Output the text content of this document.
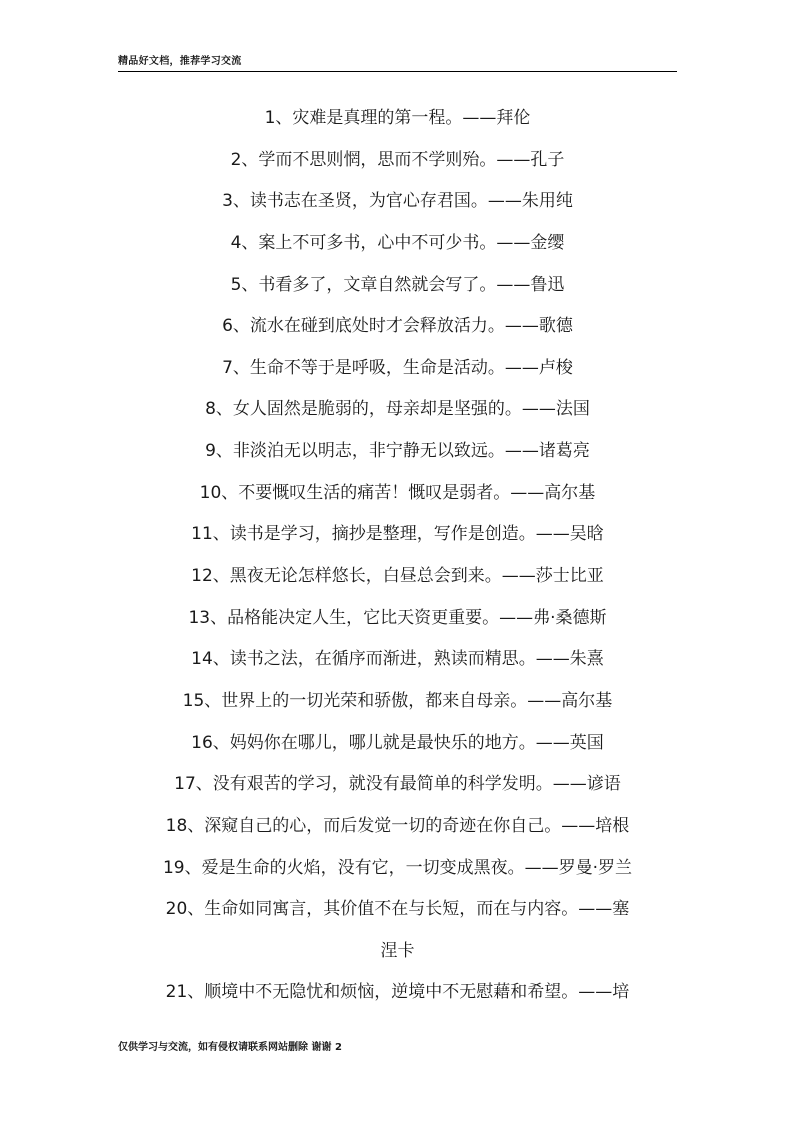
精品好文档，推荐学习交流
1、灾难是真理的第一程。——拜伦
2、学而不思则惘，思而不学则殆。——孔子
3、读书志在圣贤，为官心存君国。——朱用纯
4、案上不可多书，心中不可少书。——金缨
5、书看多了，文章自然就会写了。——鲁迅
6、流水在碰到底处时才会释放活力。——歌德
7、生命不等于是呼吸，生命是活动。——卢梭
8、女人固然是脆弱的，母亲却是坚强的。——法国
9、非淡泊无以明志，非宁静无以致远。——诸葛亮
10、不要慨叹生活的痛苦！慨叹是弱者。——高尔基
11、读书是学习，摘抄是整理，写作是创造。——吴晗
12、黑夜无论怎样悠长，白昼总会到来。——莎士比亚
13、品格能决定人生，它比天资更重要。——弗·桑德斯
14、读书之法，在循序而渐进，熟读而精思。——朱熹
15、世界上的一切光荣和骄傲，都来自母亲。——高尔基
16、妈妈你在哪儿，哪儿就是最快乐的地方。——英国
17、没有艰苦的学习，就没有最简单的科学发明。——谚语
18、深窥自己的心，而后发觉一切的奇迹在你自己。——培根
19、爱是生命的火焰，没有它，一切变成黑夜。——罗曼·罗兰
20、生命如同寓言，其价值不在与长短，而在与内容。——塞
涅卡
21、顺境中不无隐忧和烦恼，逆境中不无慰藉和希望。——培
仅供学习与交流，如有侵权请联系网站删除 谢谢 2
